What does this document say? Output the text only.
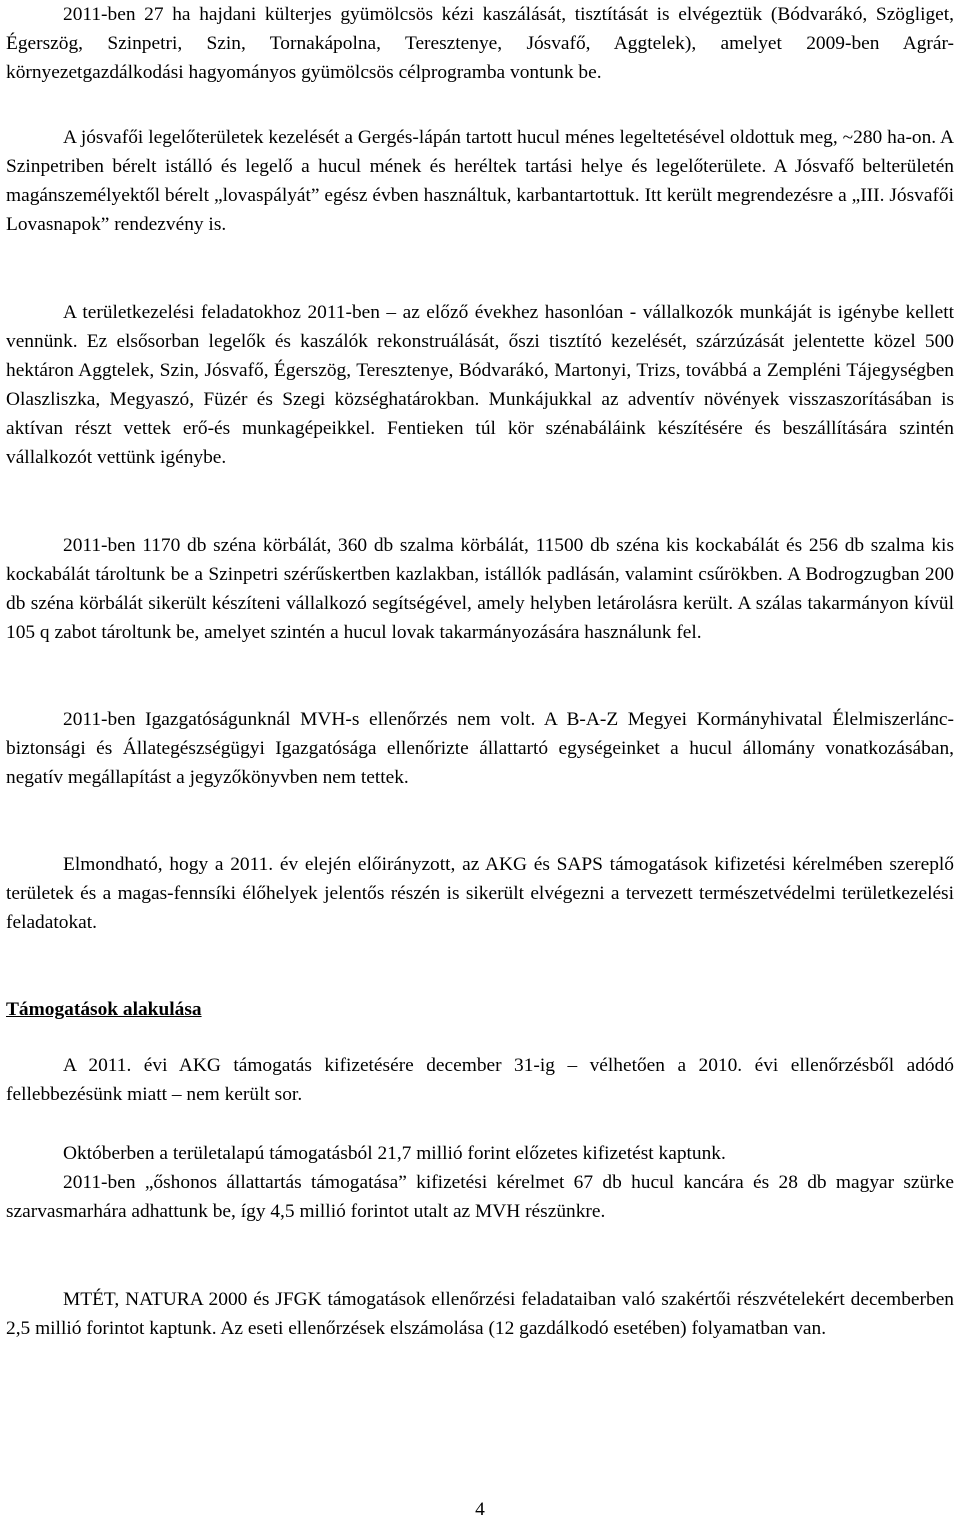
2011-ben 27 ha hajdani külterjes gyümölcsös kézi kaszálását, tisztítását is elvégeztük (Bódvarákó, Szögliget, Égerszög, Szinpetri, Szin, Tornakápolna, Teresztenye, Jósvafő, Aggtelek), amelyet 2009-ben Agrár-környezetgazdálkodási hagyományos gyümölcsös célprogramba vontunk be.

A jósvafői legelőterületek kezelését a Gergés-lápán tartott hucul ménes legeltetésével oldottuk meg, ~280 ha-on. A Szinpetriben bérelt istálló és legelő a hucul mének és heréltek tartási helye és legelőterülete. A Jósvafő belterületén magánszemélyektől bérelt „lovaspályát” egész évben használtuk, karbantartottuk. Itt került megrendezésre a „III. Jósvafői Lovasnapok” rendezvény is.

A területkezelési feladatokhoz 2011-ben – az előző évekhez hasonlóan - vállalkozók munkáját is igénybe kellett vennünk. Ez elsősorban legelők és kaszálók rekonstruálását, őszi tisztító kezelését, szárzúzását jelentette közel 500 hektáron Aggtelek, Szin, Jósvafő, Égerszög, Teresztenye, Bódvarákó, Martonyi, Trizs, továbbá a Zempléni Tájegységben Olaszliszka, Megyaszó, Füzér és Szegi községhatárokban. Munkájukkal az adventív növények visszaszorításában is aktívan részt vettek erő-és munkagépeikkel. Fentieken túl kör szénabáláink készítésére és beszállítására szintén vállalkozót vettünk igénybe.

2011-ben 1170 db széna körbálát, 360 db szalma körbálát, 11500 db széna kis kockabálát és 256 db szalma kis kockabálát tároltunk be a Szinpetri szérűskertben kazlakban, istállók padlásán, valamint csűrökben. A Bodrogzugban 200 db széna körbálát sikerült készíteni vállalkozó segítségével, amely helyben letárolásra került. A szálas takarmányon kívül 105 q zabot tároltunk be, amelyet szintén a hucul lovak takarmányozására használunk fel.

2011-ben Igazgatóságunknál MVH-s ellenőrzés nem volt. A B-A-Z Megyei Kormányhivatal Élelmiszerlánc-biztonsági és Állategészségügyi Igazgatósága ellenőrizte állattartó egységeinket a hucul állomány vonatkozásában, negatív megállapítást a jegyzőkönyvben nem tettek.

Elmondható, hogy a 2011. év elején előirányzott, az AKG és SAPS támogatások kifizetési kérelmében szereplő területek és a magas-fennsíki élőhelyek jelentős részén is sikerült elvégezni a tervezett természetvédelmi területkezelési feladatokat.

Támogatások alakulása

A 2011. évi AKG támogatás kifizetésére december 31-ig – vélhetően a 2010. évi ellenőrzésből adódó fellebbezésünk miatt – nem került sor.

Októberben a területalapú támogatásból 21,7 millió forint előzetes kifizetést kaptunk.

2011-ben „őshonos állattartás támogatása” kifizetési kérelmet 67 db hucul kancára és 28 db magyar szürke szarvasmarhára adhattunk be, így 4,5 millió forintot utalt az MVH részünkre.

MTÉT, NATURA 2000 és JFGK támogatások ellenőrzési feladataiban való szakértői részvételekért decemberben 2,5 millió forintot kaptunk. Az eseti ellenőrzések elszámolása (12 gazdálkodó esetében) folyamatban van.

4
